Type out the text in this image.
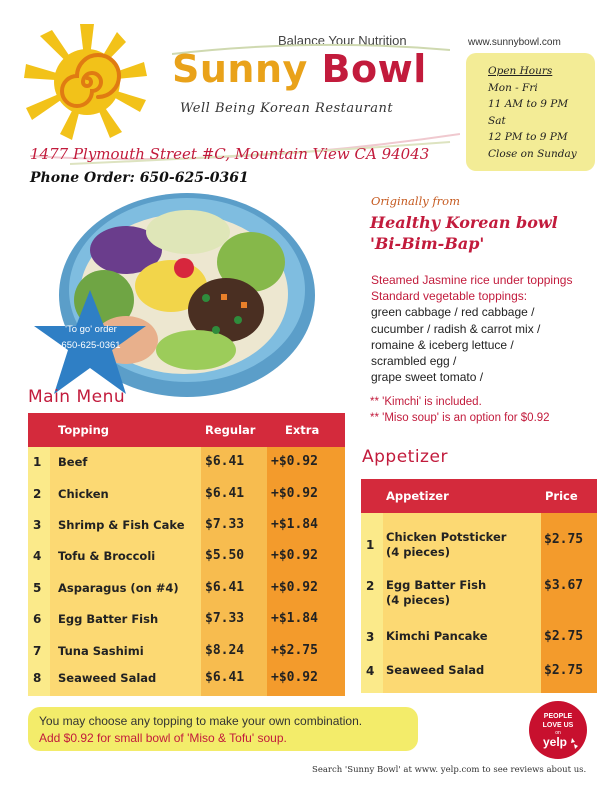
Balance Your Nutrition
Sunny Bowl
Well Being Korean Restaurant
www.sunnybowl.com
Open Hours
Mon - Fri
11 AM to 9 PM
Sat
12 PM to 9 PM
Close on Sunday
1477 Plymouth Street #C, Mountain View CA 94043
Phone Order: 650-625-0361
'To go' order
650-625-0361
Originally from
Healthy Korean bowl
'Bi-Bim-Bap'
Steamed Jasmine rice under toppings
Standard vegetable toppings:
green cabbage / red cabbage /
cucumber / radish & carrot mix /
romaine & iceberg lettuce /
scrambled egg /
grape sweet tomato /
** 'Kimchi' is included.
** 'Miso soup' is an option for $0.92
Main Menu
Topping	Regular	Extra
1 Beef	$6.41 +$0.92
2 Chicken	$6.41 +$0.92
3 Shrimp & Fish Cake $7.33 +$1.84
4 Tofu & Broccoli	$5.50 +$0.92
5 Asparagus (on #4) $6.41 +$0.92
6 Egg Batter Fish	$7.33 +$1.84
7 Tuna Sashimi	$8.24 +$2.75
8 Seaweed Salad	$6.41 +$0.92
Appetizer
Appetizer	Price
1
Chicken Potsticker
(4 pieces)
$2.75
2 Egg Batter Fish
(4 pieces)
$3.67
3 Kimchi Pancake	$2.75
4 Seaweed Salad	$2.75
You may choose any topping to make your own combination.
Add $0.92 for small bowl of 'Miso & Tofu' soup.
PEOPLE
LOVE US
on
yelp
Search 'Sunny Bowl' at www. yelp.com to see reviews about us.
